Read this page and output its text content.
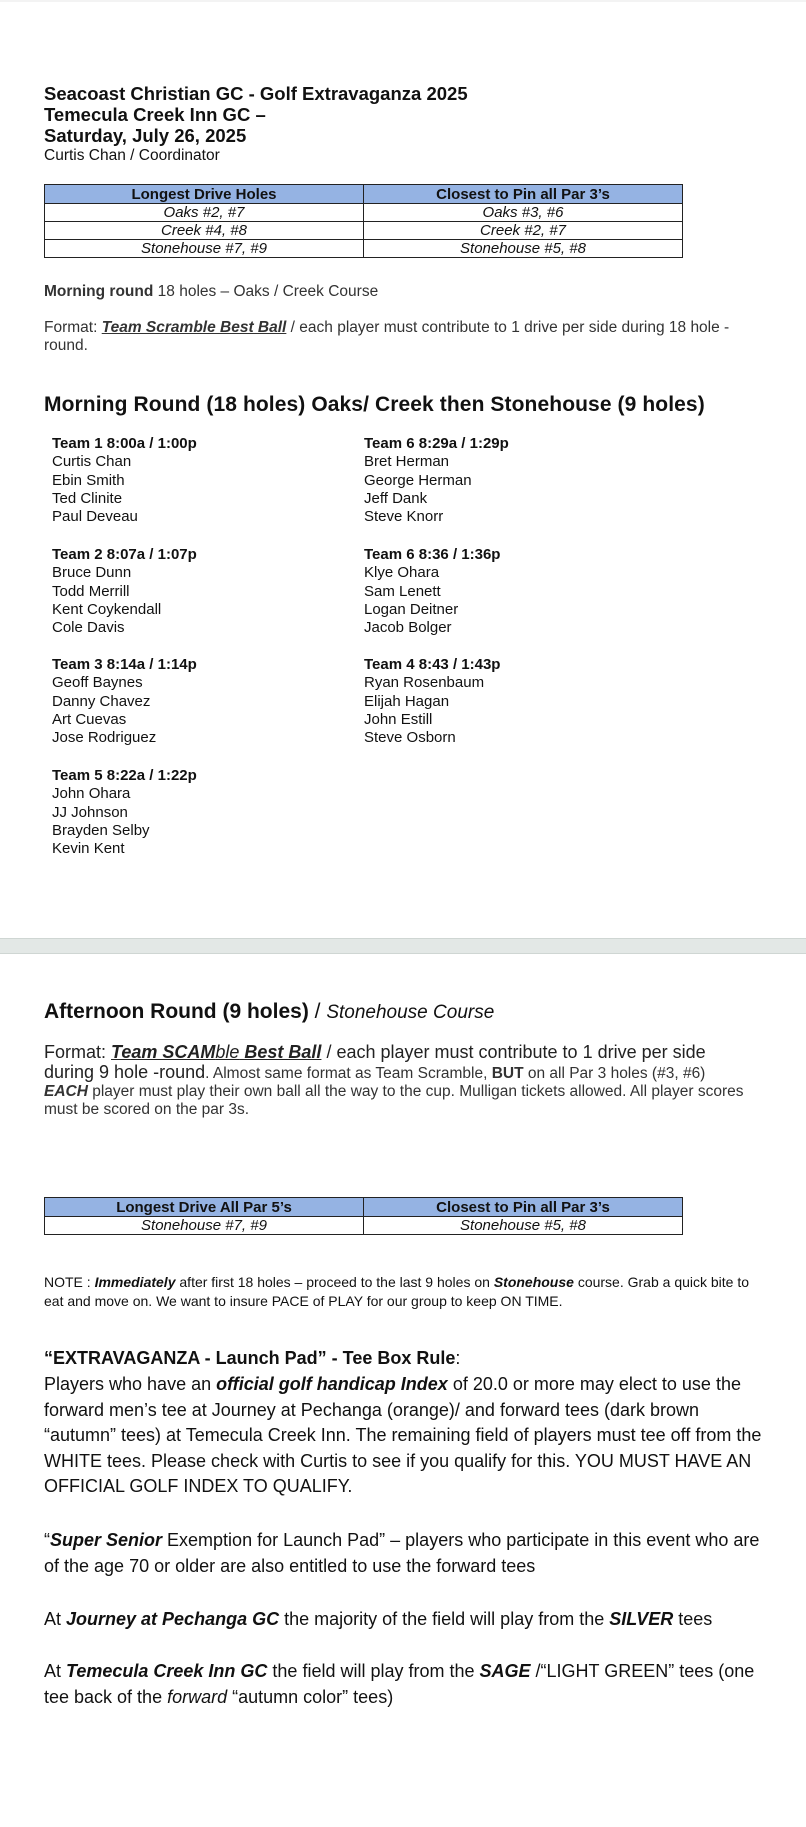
Seacoast Christian GC - Golf Extravaganza 2025
Temecula Creek Inn GC –
Saturday, July 26, 2025
Curtis Chan / Coordinator
Longest Drive Holes	Closest to Pin all Par 3’s
Oaks #2, #7	Oaks #3, #6
Creek #4, #8	Creek #2, #7
Stonehouse #7, #9	Stonehouse #5, #8
Morning round 18 holes – Oaks / Creek Course
Format: Team Scramble Best Ball / each player must contribute to 1 drive per side during 18 hole -round.
Morning Round (18 holes) Oaks/ Creek then Stonehouse (9 holes)
Team 1 8:00a / 1:00p
Curtis Chan
Ebin Smith
Ted Clinite
Paul Deveau
Team 2 8:07a / 1:07p
Bruce Dunn
Todd Merrill
Kent Coykendall
Cole Davis
Team 3 8:14a / 1:14p
Geoff Baynes
Danny Chavez
Art Cuevas
Jose Rodriguez
Team 5 8:22a / 1:22p
John Ohara
JJ Johnson
Brayden Selby
Kevin Kent
Team 6 8:29a / 1:29p
Bret Herman
George Herman
Jeff Dank
Steve Knorr
Team 6 8:36 / 1:36p
Klye Ohara
Sam Lenett
Logan Deitner
Jacob Bolger
Team 4 8:43 / 1:43p
Ryan Rosenbaum
Elijah Hagan
John Estill
Steve Osborn
Afternoon Round (9 holes) / Stonehouse Course
Format: Team SCAMble Best Ball / each player must contribute to 1 drive per side
during 9 hole -round. Almost same format as Team Scramble, BUT on all Par 3 holes (#3, #6)
EACH player must play their own ball all the way to the cup. Mulligan tickets allowed. All player scores must be scored on the par 3s.
Longest Drive All Par 5’s	Closest to Pin all Par 3’s
Stonehouse #7, #9	Stonehouse #5, #8
NOTE : Immediately after first 18 holes – proceed to the last 9 holes on Stonehouse course. Grab a quick bite to eat and move on. We want to insure PACE of PLAY for our group to keep ON TIME.
“EXTRAVAGANZA - Launch Pad” - Tee Box Rule:
Players who have an official golf handicap Index of 20.0 or more may elect to use the forward men’s tee at Journey at Pechanga (orange)/ and forward tees (dark brown “autumn” tees) at Temecula Creek Inn. The remaining field of players must tee off from the WHITE tees. Please check with Curtis to see if you qualify for this. YOU MUST HAVE AN OFFICIAL GOLF INDEX TO QUALIFY.
“Super Senior Exemption for Launch Pad” – players who participate in this event who are of the age 70 or older are also entitled to use the forward tees
At Journey at Pechanga GC the majority of the field will play from the SILVER tees
At Temecula Creek Inn GC the field will play from the SAGE /“LIGHT GREEN” tees (one tee back of the forward “autumn color” tees)
